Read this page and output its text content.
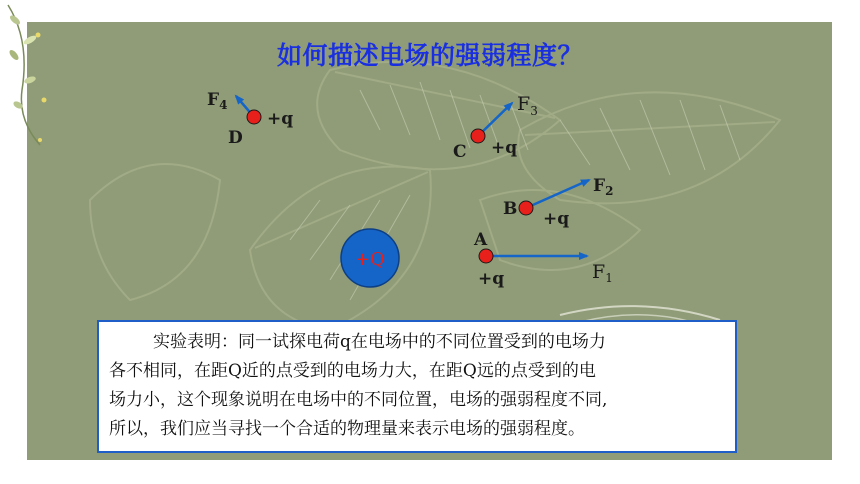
如何描述电场的强弱程度？
+Q
A
+q	$F_1$
B +q
$F_2$
C +q
$F_3$
D
+q
$F_4$
实验表明：同一试探电荷q在电场中的不同位置受到的电场力
各不相同，在距Q近的点受到的电场力大，在距Q远的点受到的电
场力小，这个现象说明在电场中的不同位置，电场的强弱程度不同,
所以，我们应当寻找一个合适的物理量来表示电场的强弱程度。
